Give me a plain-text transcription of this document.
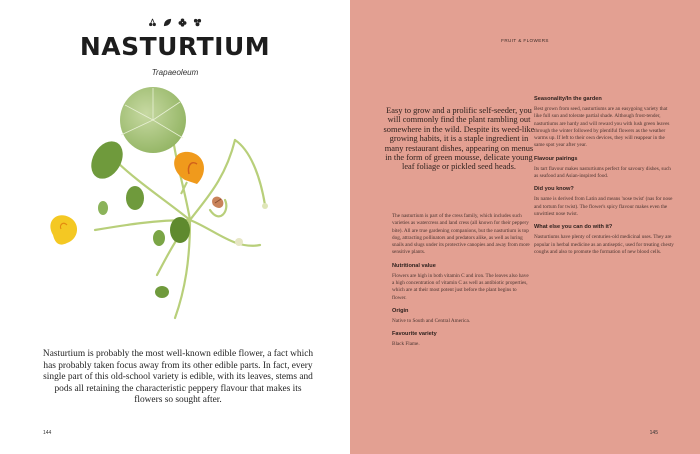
NASTURTIUM
Trapaeoleum
Nasturtium is probably the most well-known edible flower, a fact which has probably taken focus away from its other edible parts. In fact, every single part of this old-school variety is edible, with its leaves, stems and pods all retaining the characteristic peppery flavour that makes its flowers so sought after.
144
FRUIT & FLOWERS
Easy to grow and a prolific self-seeder, you will commonly find the plant rambling out somewhere in the wild. Despite its weed-like growing habits, it is a staple ingredient in many restaurant dishes, appearing on menus in the form of green mousse, delicate young leaf foliage or pickled seed heads.

The nasturtium is part of the cress family, which includes such varieties as watercress and land cress (all known for their peppery bite). All are true gardening companions, but the nasturtium is top dog, attracting pollinators and predators alike, as well as luring snails and slugs under its protective canopies and away from more sensitive plants.

Nutritional value

Flowers are high in both vitamin C and iron. The leaves also have a high concentration of vitamin C as well as antibiotic properties, which are at their most potent just before the plant begins to flower.

Origin

Native to South and Central America.

Favourite variety

Black Flame.

Seasonality/In the garden

Best grown from seed, nasturtiums are an easygoing variety that like full sun and tolerate partial shade. Although frost-tender, nasturtiums are hardy and will reward you with lush green leaves through the winter followed by plentiful flowers as the weather warms up. If left to their own devices, they will reappear in the same spot year after year.

Flavour pairings

Its tart flavour makes nasturtiums perfect for savoury dishes, such as seafood and Asian-inspired food.

Did you know?

Its name is derived from Latin and means 'nose twist' (nas for nose and tortum for twist). The flower's spicy flavour makes even the unwittiest nose twist.

What else you can do with it?

Nasturtiums have plenty of centuries-old medicinal uses. They are popular in herbal medicine as an antiseptic, used for treating chesty coughs and also to promote the formation of new blood cells.

145
